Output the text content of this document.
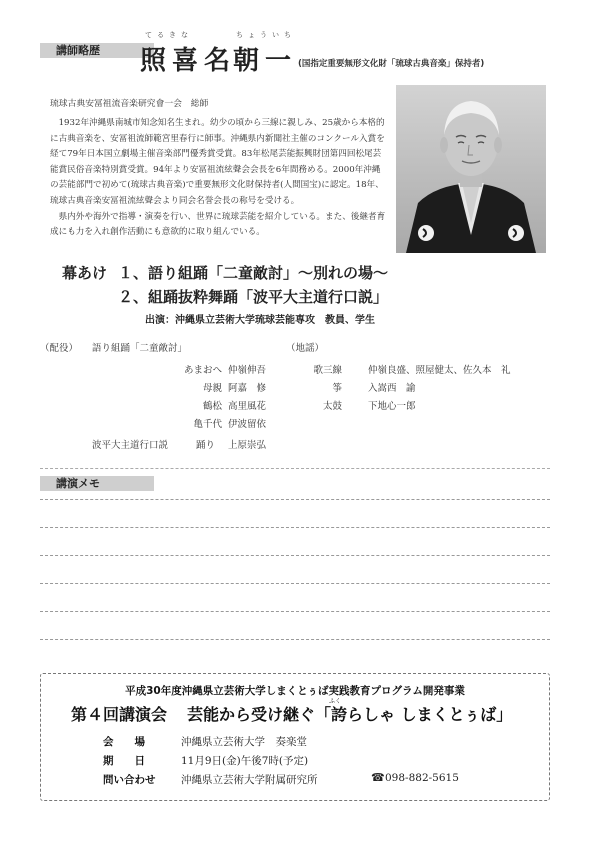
講師略歴
てるきな	ちょういち
照喜名
朝一 (国指定重要無形文化財「琉球古典音楽」保持者)
琉球古典安冨祖流音楽研究會一会　総師

1932年沖縄県南城市知念知名生まれ。幼少の頃から三線に親しみ、25歳から本格的に古典音楽を、安冨祖流師範宮里春行に師事。沖縄県内新聞社主催のコンクール入賞を経て79年日本国立劇場主催音楽部門優秀賞受賞。83年松尾芸能振興財団第四回松尾芸能賞民俗音楽特別賞受賞。94年より安冨祖流絃聲会会長を6年間務める。2000年沖縄の芸能部門で初めて(琉球古典音楽)で重要無形文化財保持者(人間国宝)に認定。18年、琉球古典音楽安冨祖流絃聲会より同会名誉会長の称号を受ける。

県内外や海外で指導・演奏を行い、世界に琉球芸能を紹介している。また、後継者育成にも力を入れ創作活動にも意欲的に取り組んでいる。

幕あけ １、語り組踊「二童敵討」〜別れの場〜
２、組踊抜粋舞踊「波平大主道行口説」
出演：沖縄県立芸術大学琉球芸能専攻　教員、学生
（配役） 語り組踊「二童敵討」	（地謡）
あまおへ 仲嶺伸吾
母親 阿嘉　修
鶴松 高里風花
亀千代 伊波留依
歌三線	仲嶺良盛、照屋健太、佐久本　礼
筝	入嵩西　諭
太鼓	下地心一郎
波平大主道行口説	踊り 上原崇弘
講演メモ
平成30年度沖縄県立芸術大学しまくとぅば実践教育プログラム開発事業
第４回講演会
ふく
芸能から受け継ぐ「誇らしゃ しまくとぅば」
会　　場	沖縄県立芸術大学　奏楽堂
期　　日	11月9日(金)午後7時(予定)
問い合わせ 沖縄県立芸術大学附属研究所	☎ 098-882-5615
